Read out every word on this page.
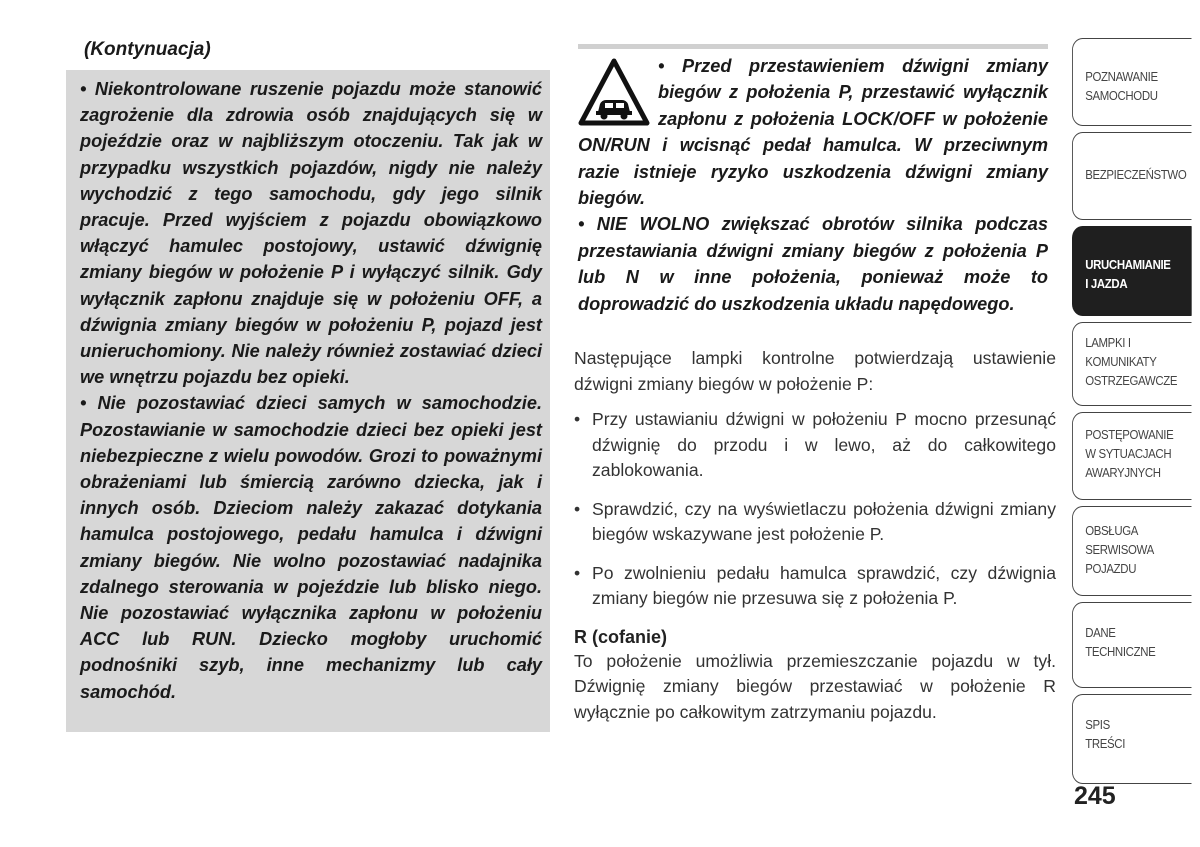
(Kontynuacja)

• Niekontrolowane ruszenie pojazdu może stanowić zagrożenie dla zdrowia osób znajdujących się w pojeździe oraz w najbliższym otoczeniu. Tak jak w przypadku wszystkich pojazdów, nigdy nie należy wychodzić z tego samochodu, gdy jego silnik pracuje. Przed wyjściem z pojazdu obowiązkowo włączyć hamulec postojowy, ustawić dźwignię zmiany biegów w położenie P i wyłączyć silnik. Gdy wyłącznik zapłonu znajduje się w położeniu OFF, a dźwignia zmiany biegów w położeniu P, pojazd jest unieruchomiony. Nie należy również zostawiać dzieci we wnętrzu pojazdu bez opieki.

• Nie pozostawiać dzieci samych w samochodzie. Pozostawianie w samochodzie dzieci bez opieki jest niebezpieczne z wielu powodów. Grozi to poważnymi obrażeniami lub śmiercią zarówno dziecka, jak i innych osób. Dzieciom należy zakazać dotykania hamulca postojowego, pedału hamulca i dźwigni zmiany biegów. Nie wolno pozostawiać nadajnika zdalnego sterowania w pojeździe lub blisko niego. Nie pozostawiać wyłącznika zapłonu w położeniu ACC lub RUN. Dziecko mogłoby uruchomić podnośniki szyb, inne mechanizmy lub cały samochód.

• Przed przestawieniem dźwigni zmiany biegów z położenia P, przestawić wyłącznik zapłonu z położenia LOCK/OFF w położenie ON/RUN i wcisnąć pedał hamulca. W przeciwnym razie istnieje ryzyko uszkodzenia dźwigni zmiany biegów.

• NIE WOLNO zwiększać obrotów silnika podczas przestawiania dźwigni zmiany biegów z położenia P lub N w inne położenia, ponieważ może to doprowadzić do uszkodzenia układu napędowego.

Następujące lampki kontrolne potwierdzają ustawienie dźwigni zmiany biegów w położenie P:

• Przy ustawianiu dźwigni w położeniu P mocno przesunąć dźwignię do przodu i w lewo, aż do całkowitego zablokowania.
• Sprawdzić, czy na wyświetlaczu położenia dźwigni zmiany biegów wskazywane jest położenie P.
• Po zwolnieniu pedału hamulca sprawdzić, czy dźwignia zmiany biegów nie przesuwa się z położenia P.
R (cofanie)

To położenie umożliwia przemieszczanie pojazdu w tył. Dźwignię zmiany biegów przestawiać w położenie R wyłącznie po całkowitym zatrzymaniu pojazdu.

POZNAWANIE
SAMOCHODU
BEZPIECZEŃSTWO
URUCHAMIANIE
I JAZDA
LAMPKI I
KOMUNIKATY
OSTRZEGAWCZE
POSTĘPOWANIE
W SYTUACJACH
AWARYJNYCH
OBSŁUGA
SERWISOWA
POJAZDU
DANE
TECHNICZNE
SPIS
TREŚCI
245
